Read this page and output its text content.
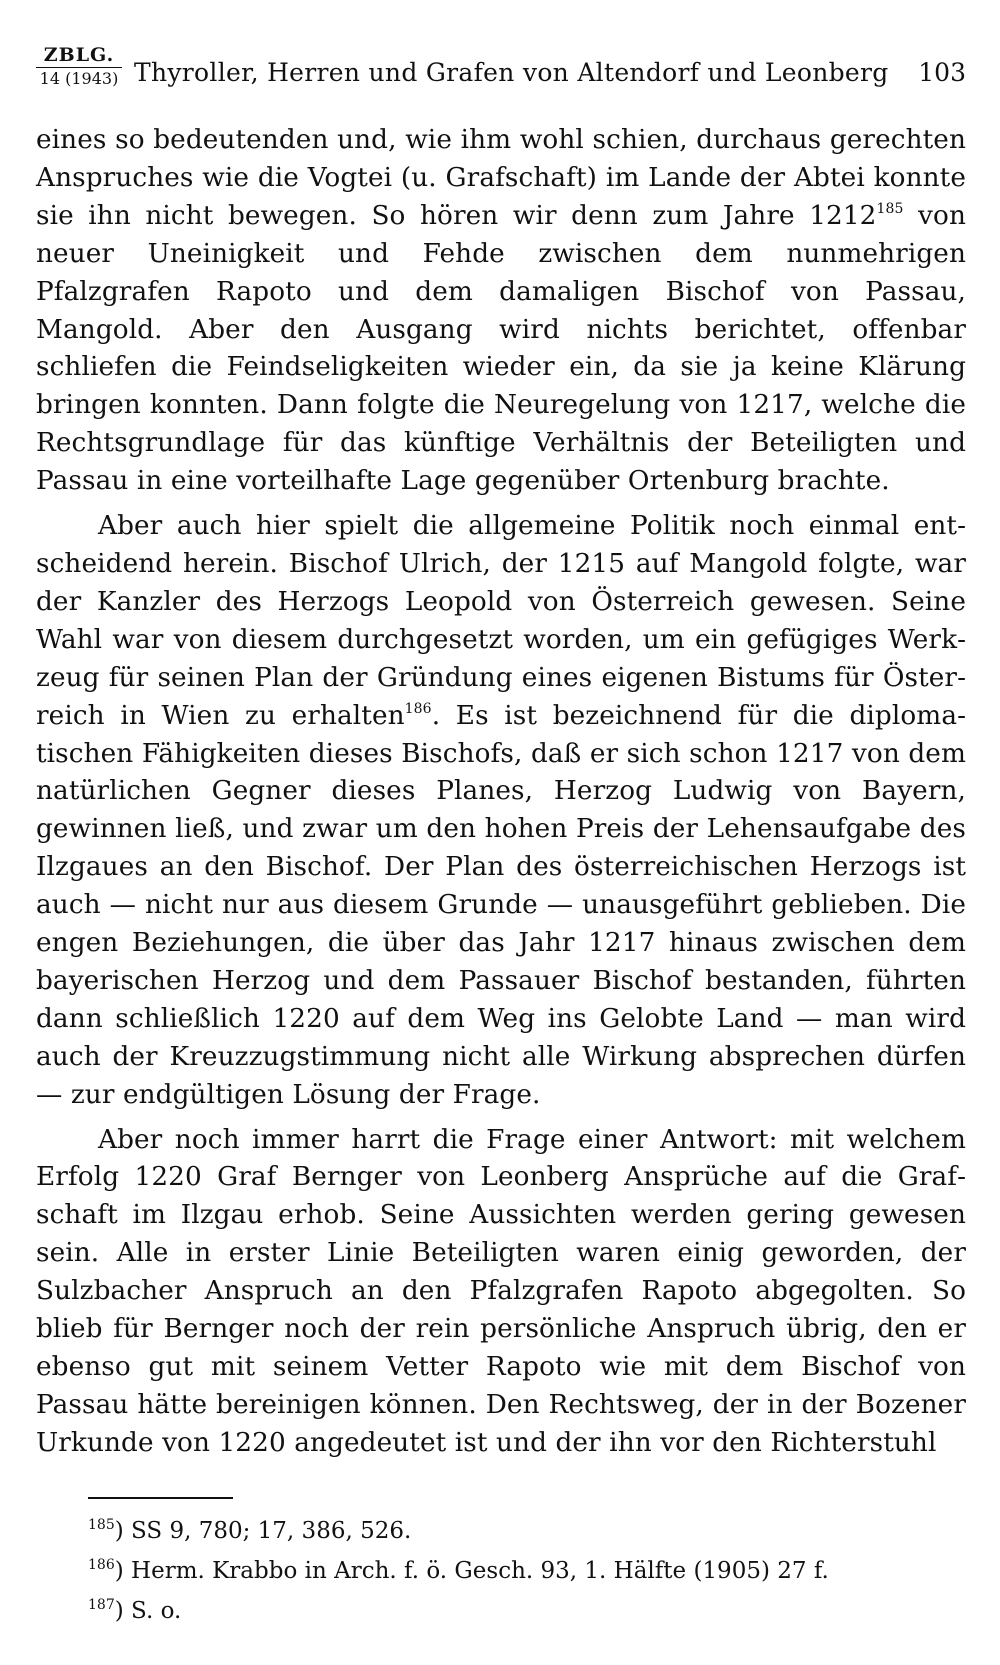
ZBLG.
14 (1943) Thyroller, Herren und Grafen von Altendorf und Leonberg 103

eines so bedeutenden und, wie ihm wohl schien, durchaus gerechten Anspruches wie die Vogtei (u. Grafschaft) im Lande der Abtei konnte sie ihn nicht bewegen. So hören wir denn zum Jahre 1212$^{185}$ von neuer Uneinigkeit und Fehde zwischen dem nunmehrigen Pfalzgrafen Rapoto und dem damaligen Bischof von Passau, Mangold. Aber den Ausgang wird nichts berichtet, offenbar schliefen die Feindseligkeiten wieder ein, da sie ja keine Klärung bringen konnten. Dann folgte die Neuregelung von 1217, welche die Rechtsgrundlage für das künftige Verhältnis der Beteiligten und Passau in eine vorteilhafte Lage gegenüber Ortenburg brachte.

Aber auch hier spielt die allgemeine Politik noch einmal entscheidend herein. Bischof Ulrich, der 1215 auf Mangold folgte, war der Kanzler des Herzogs Leopold von Österreich gewesen. Seine Wahl war von diesem durchgesetzt worden, um ein gefügiges Werkzeug für seinen Plan der Gründung eines eigenen Bistums für Österreich in Wien zu erhalten$^{186}$. Es ist bezeichnend für die diplomatischen Fähigkeiten dieses Bischofs, daß er sich schon 1217 von dem natürlichen Gegner dieses Planes, Herzog Ludwig von Bayern, gewinnen ließ, und zwar um den hohen Preis der Lehensaufgabe des Ilzgaues an den Bischof. Der Plan des österreichischen Herzogs ist auch — nicht nur aus diesem Grunde — unausgeführt geblieben. Die engen Beziehungen, die über das Jahr 1217 hinaus zwischen dem bayerischen Herzog und dem Passauer Bischof bestanden, führten dann schließlich 1220 auf dem Weg ins Gelobte Land — man wird auch der Kreuzzugstimmung nicht alle Wirkung absprechen dürfen — zur endgültigen Lösung der Frage.

Aber noch immer harrt die Frage einer Antwort: mit welchem Erfolg 1220 Graf Bernger von Leonberg Ansprüche auf die Grafschaft im Ilzgau erhob. Seine Aussichten werden gering gewesen sein. Alle in erster Linie Beteiligten waren einig geworden, der Sulzbacher Anspruch an den Pfalzgrafen Rapoto abgegolten. So blieb für Bernger noch der rein persönliche Anspruch übrig, den er ebenso gut mit seinem Vetter Rapoto wie mit dem Bischof von Passau hätte bereinigen können. Den Rechtsweg, der in der Bozener Urkunde von 1220 angedeutet ist und der ihn vor den Richterstuhl

$^{185}$) SS 9, 780; 17, 386, 526.
$^{186}$) Herm. Krabbo in Arch. f. ö. Gesch. 93, 1. Hälfte (1905) 27 f.
$^{187}$) S. o.
